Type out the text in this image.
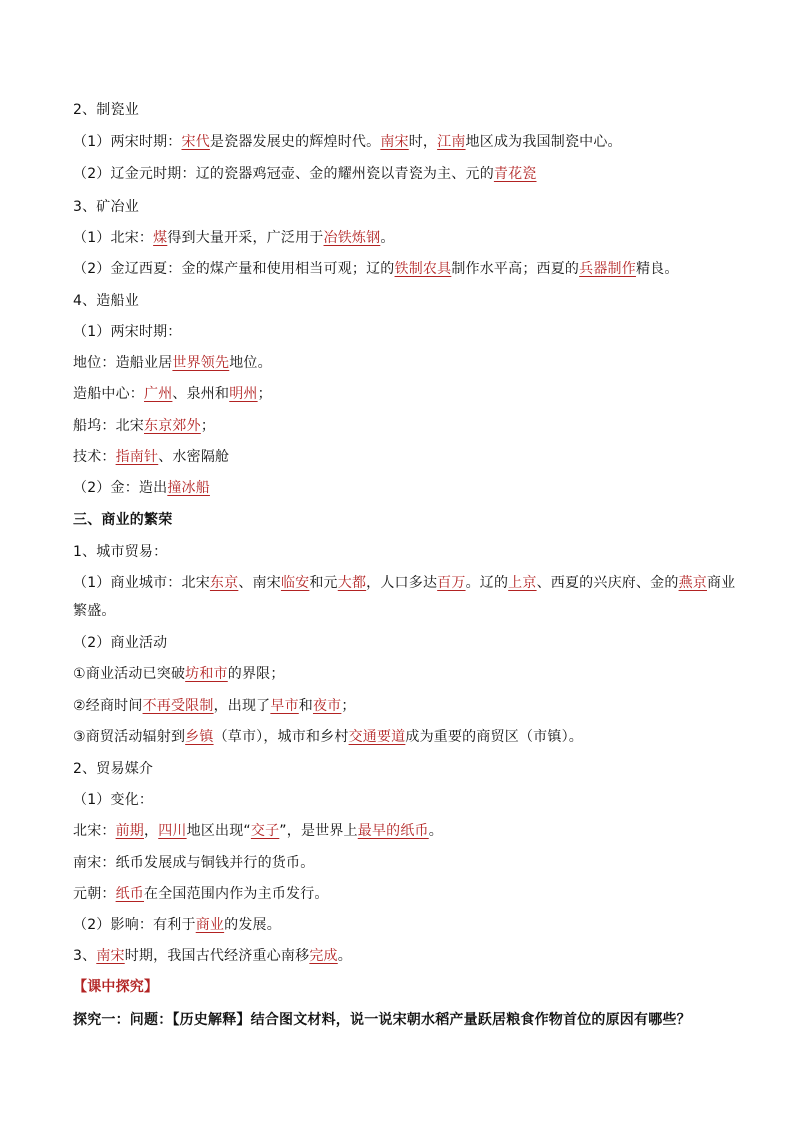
2、制瓷业
（1）两宋时期：宋代是瓷器发展史的辉煌时代。南宋时，江南地区成为我国制瓷中心。
（2）辽金元时期：辽的瓷器鸡冠壶、金的耀州瓷以青瓷为主、元的青花瓷
3、矿冶业
（1）北宋：煤得到大量开采，广泛用于冶铁炼钢。
（2）金辽西夏：金的煤产量和使用相当可观；辽的铁制农具制作水平高；西夏的兵器制作精良。
4、造船业
（1）两宋时期：
地位：造船业居世界领先地位。
造船中心：广州、泉州和明州；
船坞：北宋东京郊外；
技术：指南针、水密隔舱
（2）金：造出撞冰船
三、商业的繁荣
1、城市贸易：
（1）商业城市：北宋东京、南宋临安和元大都，人口多达百万。辽的上京、西夏的兴庆府、金的燕京商业
繁盛。
（2）商业活动
①商业活动已突破坊和市的界限；
②经商时间不再受限制，出现了早市和夜市；
③商贸活动辐射到乡镇（草市），城市和乡村交通要道成为重要的商贸区（市镇）。
2、贸易媒介
（1）变化：
北宋：前期，四川地区出现“交子”，是世界上最早的纸币。
南宋：纸币发展成与铜钱并行的货币。
元朝：纸币在全国范围内作为主币发行。
（2）影响：有利于商业的发展。
3、南宋时期，我国古代经济重心南移完成。
【课中探究】
探究一：问题：【历史解释】结合图文材料，说一说宋朝水稻产量跃居粮食作物首位的原因有哪些？
